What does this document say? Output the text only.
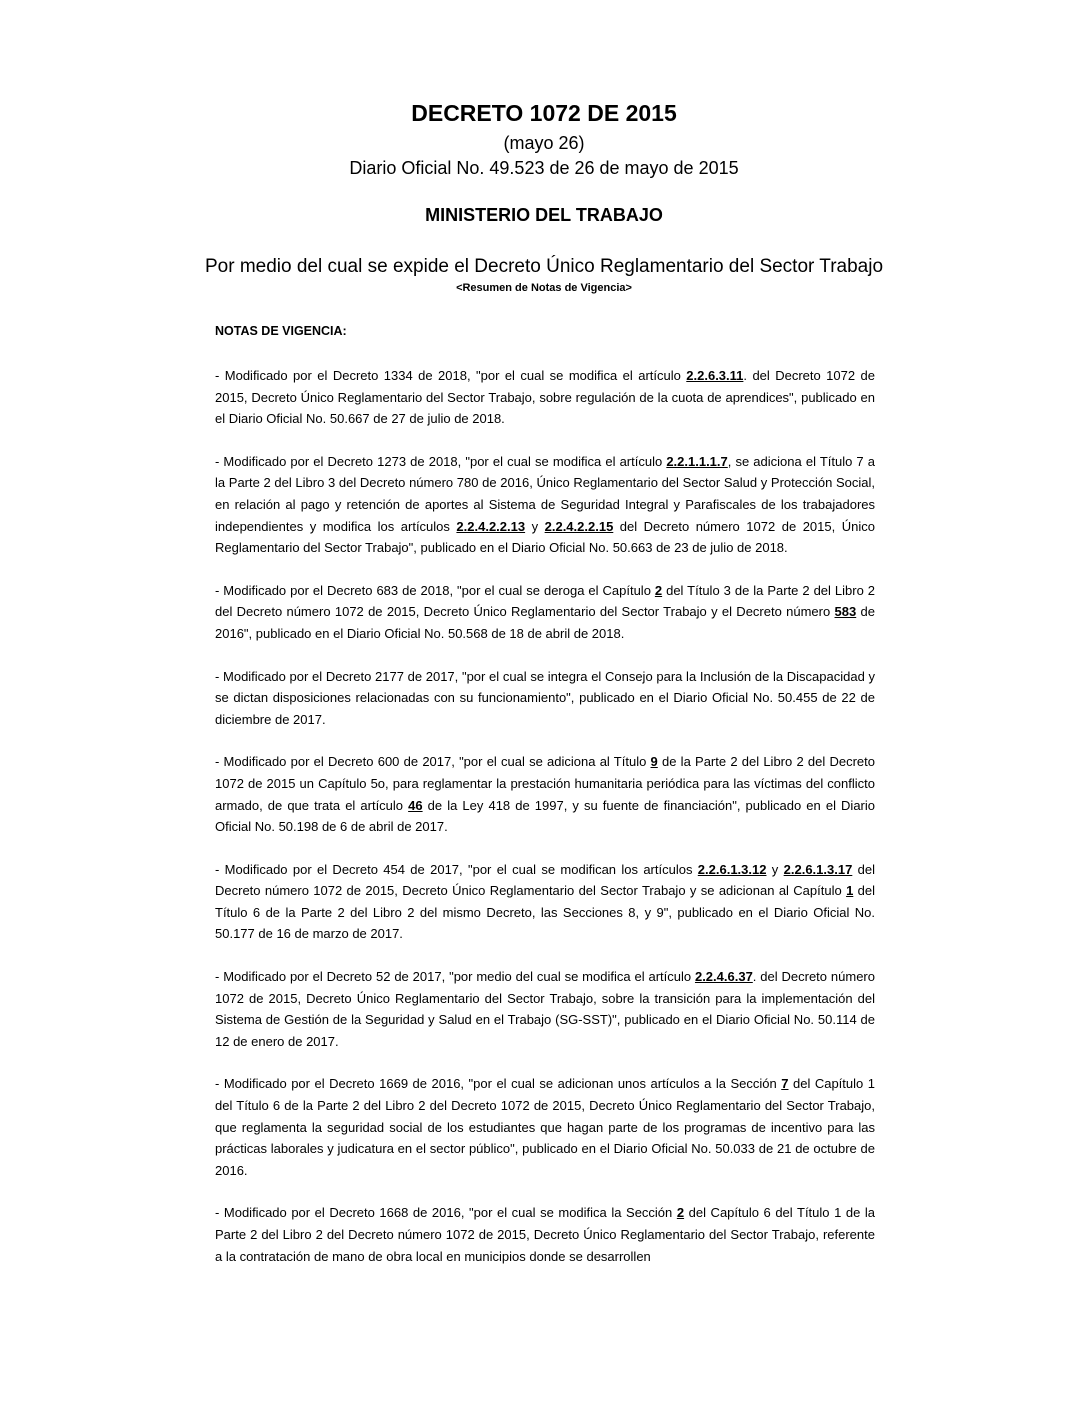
DECRETO 1072 DE 2015

(mayo 26)

Diario Oficial No. 49.523 de 26 de mayo de 2015

MINISTERIO DEL TRABAJO

Por medio del cual se expide el Decreto Único Reglamentario del Sector Trabajo

<Resumen de Notas de Vigencia>

NOTAS DE VIGENCIA:

- Modificado por el Decreto 1334 de 2018, "por el cual se modifica el artículo 2.2.6.3.11. del Decreto 1072 de 2015, Decreto Único Reglamentario del Sector Trabajo, sobre regulación de la cuota de aprendices", publicado en el Diario Oficial No. 50.667 de 27 de julio de 2018.

- Modificado por el Decreto 1273 de 2018, "por el cual se modifica el artículo 2.2.1.1.1.7, se adiciona el Título 7 a la Parte 2 del Libro 3 del Decreto número 780 de 2016, Único Reglamentario del Sector Salud y Protección Social, en relación al pago y retención de aportes al Sistema de Seguridad Integral y Parafiscales de los trabajadores independientes y modifica los artículos 2.2.4.2.2.13 y 2.2.4.2.2.15 del Decreto número 1072 de 2015, Único Reglamentario del Sector Trabajo", publicado en el Diario Oficial No. 50.663 de 23 de julio de 2018.

- Modificado por el Decreto 683 de 2018, "por el cual se deroga el Capítulo 2 del Título 3 de la Parte 2 del Libro 2 del Decreto número 1072 de 2015, Decreto Único Reglamentario del Sector Trabajo y el Decreto número 583 de 2016", publicado en el Diario Oficial No. 50.568 de 18 de abril de 2018.

- Modificado por el Decreto 2177 de 2017, "por el cual se integra el Consejo para la Inclusión de la Discapacidad y se dictan disposiciones relacionadas con su funcionamiento", publicado en el Diario Oficial No. 50.455 de 22 de diciembre de 2017.

- Modificado por el Decreto 600 de 2017, "por el cual se adiciona al Título 9 de la Parte 2 del Libro 2 del Decreto 1072 de 2015 un Capítulo 5o, para reglamentar la prestación humanitaria periódica para las víctimas del conflicto armado, de que trata el artículo 46 de la Ley 418 de 1997, y su fuente de financiación", publicado en el Diario Oficial No. 50.198 de 6 de abril de 2017.

- Modificado por el Decreto 454 de 2017, "por el cual se modifican los artículos 2.2.6.1.3.12 y 2.2.6.1.3.17 del Decreto número 1072 de 2015, Decreto Único Reglamentario del Sector Trabajo y se adicionan al Capítulo 1 del Título 6 de la Parte 2 del Libro 2 del mismo Decreto, las Secciones 8, y 9", publicado en el Diario Oficial No. 50.177 de 16 de marzo de 2017.

- Modificado por el Decreto 52 de 2017, "por medio del cual se modifica el artículo 2.2.4.6.37. del Decreto número 1072 de 2015, Decreto Único Reglamentario del Sector Trabajo, sobre la transición para la implementación del Sistema de Gestión de la Seguridad y Salud en el Trabajo (SG-SST)", publicado en el Diario Oficial No. 50.114 de 12 de enero de 2017.

- Modificado por el Decreto 1669 de 2016, "por el cual se adicionan unos artículos a la Sección 7 del Capítulo 1 del Título 6 de la Parte 2 del Libro 2 del Decreto 1072 de 2015, Decreto Único Reglamentario del Sector Trabajo, que reglamenta la seguridad social de los estudiantes que hagan parte de los programas de incentivo para las prácticas laborales y judicatura en el sector público", publicado en el Diario Oficial No. 50.033 de 21 de octubre de 2016.

- Modificado por el Decreto 1668 de 2016, "por el cual se modifica la Sección 2 del Capítulo 6 del Título 1 de la Parte 2 del Libro 2 del Decreto número 1072 de 2015, Decreto Único Reglamentario del Sector Trabajo, referente a la contratación de mano de obra local en municipios donde se desarrollen
